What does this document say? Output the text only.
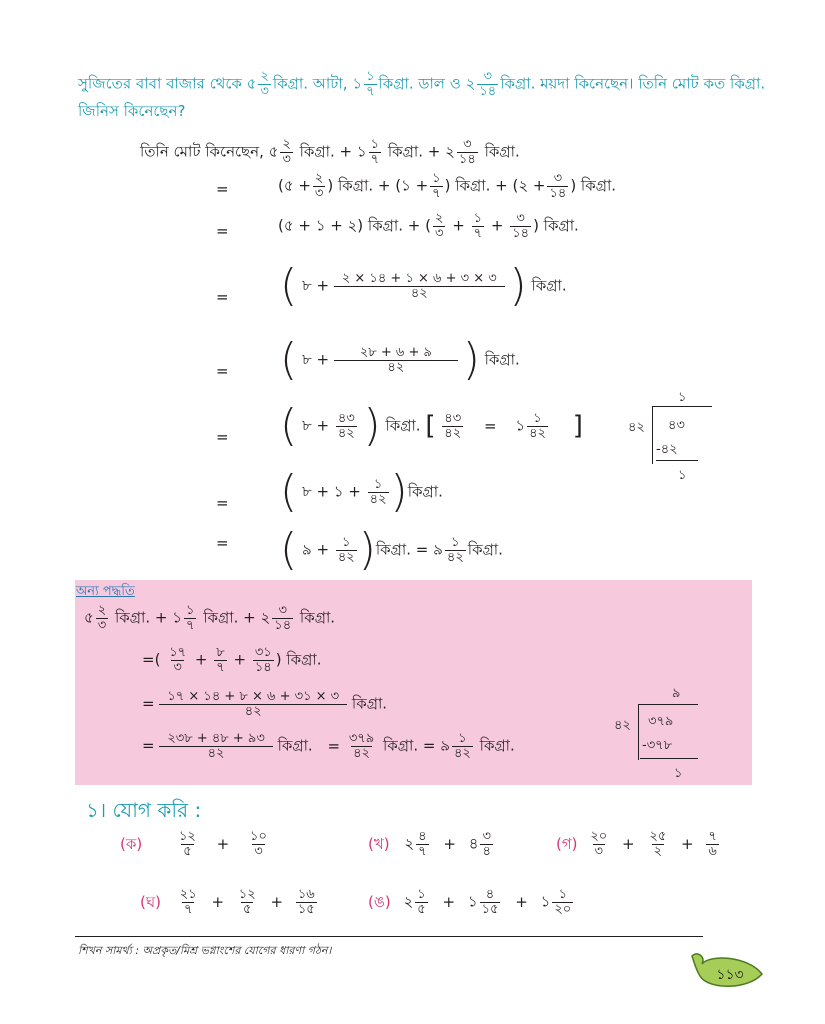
সুজিতের বাবা বাজার থেকে ৫ $\frac{২}{৩}$ কিগ্রা. আটা, ১ $\frac{১}{৭}$ কিগ্রা. ডাল ও ২ $\frac{৩}{১৪}$ কিগ্রা. ময়দা কিনেছেন। তিনি মোট কত কিগ্রা. জিনিস কিনেছেন?
তিনি মোট কিনেছেন, ৫ $\frac{২}{৩}$ কিগ্রা. + ১ $\frac{১}{৭}$ কিগ্রা. + ২ $\frac{৩}{১৪}$ কিগ্রা.
=	(৫ + $\frac{২}{৩}$ ) কিগ্রা. + (১ + $\frac{১}{৭}$ ) কিগ্রা. + (২ + $\frac{৩}{১৪}$ ) কিগ্রা.
=	(৫ + ১ + ২) কিগ্রা. + ( $\frac{২}{৩} + \frac{১}{৭} + \frac{৩}{১৪}$ ) কিগ্রা.
= ( ৮ + $\frac{২ \times ১৪ + ১ \times ৬ + ৩ \times ৩}{৪২}$ ) কিগ্রা.
= ( ৮ + $\frac{২৮ + ৬ + ৯}{৪২}$ ) কিগ্রা.
= ( ৮ + $\frac{৪৩}{৪২}$ ) কিগ্রা. [ $\frac{৪৩}{৪২}$ = ১ $\frac{১}{৪২}$ ]
১
৪২ ৪৩
-৪২
১
= ( ৮ + ১ + $\frac{১}{৪২}$ )কিগ্রা.
= ( ৯ + $\frac{১}{৪২}$ )কিগ্রা. = ৯ $\frac{১}{৪২}$ কিগ্রা.
অন্য পদ্ধতি
৫ $\frac{২}{৩}$ কিগ্রা. + ১ $\frac{১}{৭}$ কিগ্রা. + ২ $\frac{৩}{১৪}$ কিগ্রা.
=( $\frac{১৭}{৩} + \frac{৮}{৭} + \frac{৩১}{১৪}$ ) কিগ্রা.
= $\frac{১৭ \times ১৪ + ৮ \times ৬ + ৩১ \times ৩}{৪২}$ কিগ্রা.
= $\frac{২৩৮ + ৪৮ + ৯৩}{৪২}$ কিগ্রা. = $\frac{৩৭৯}{৪২}$ কিগ্রা. = ৯ $\frac{১}{৪২}$ কিগ্রা.
৯
৪২ ৩৭৯
-৩৭৮
১
১। যোগ করি :
(ক)	$\frac{১২}{৫} + \frac{১০}{৩}$	(খ) ২ $\frac{৪}{৭}$ + ৪ $\frac{৩}{৪}$	(গ) $\frac{২০}{৩} + \frac{২৫}{২} + \frac{৭}{৬}$
(ঘ) $\frac{২১}{৭} + \frac{১২}{৫} + \frac{১৬}{১৫}$	(ঙ) ২ $\frac{১}{৫}$ + ১ $\frac{৪}{১৫}$ + ১ $\frac{১}{২০}$
শিখন সামর্থ্য : অপ্রকৃত/মিশ্র ভগ্নাংশের যোগের ধারণা গঠন।
১১৩
